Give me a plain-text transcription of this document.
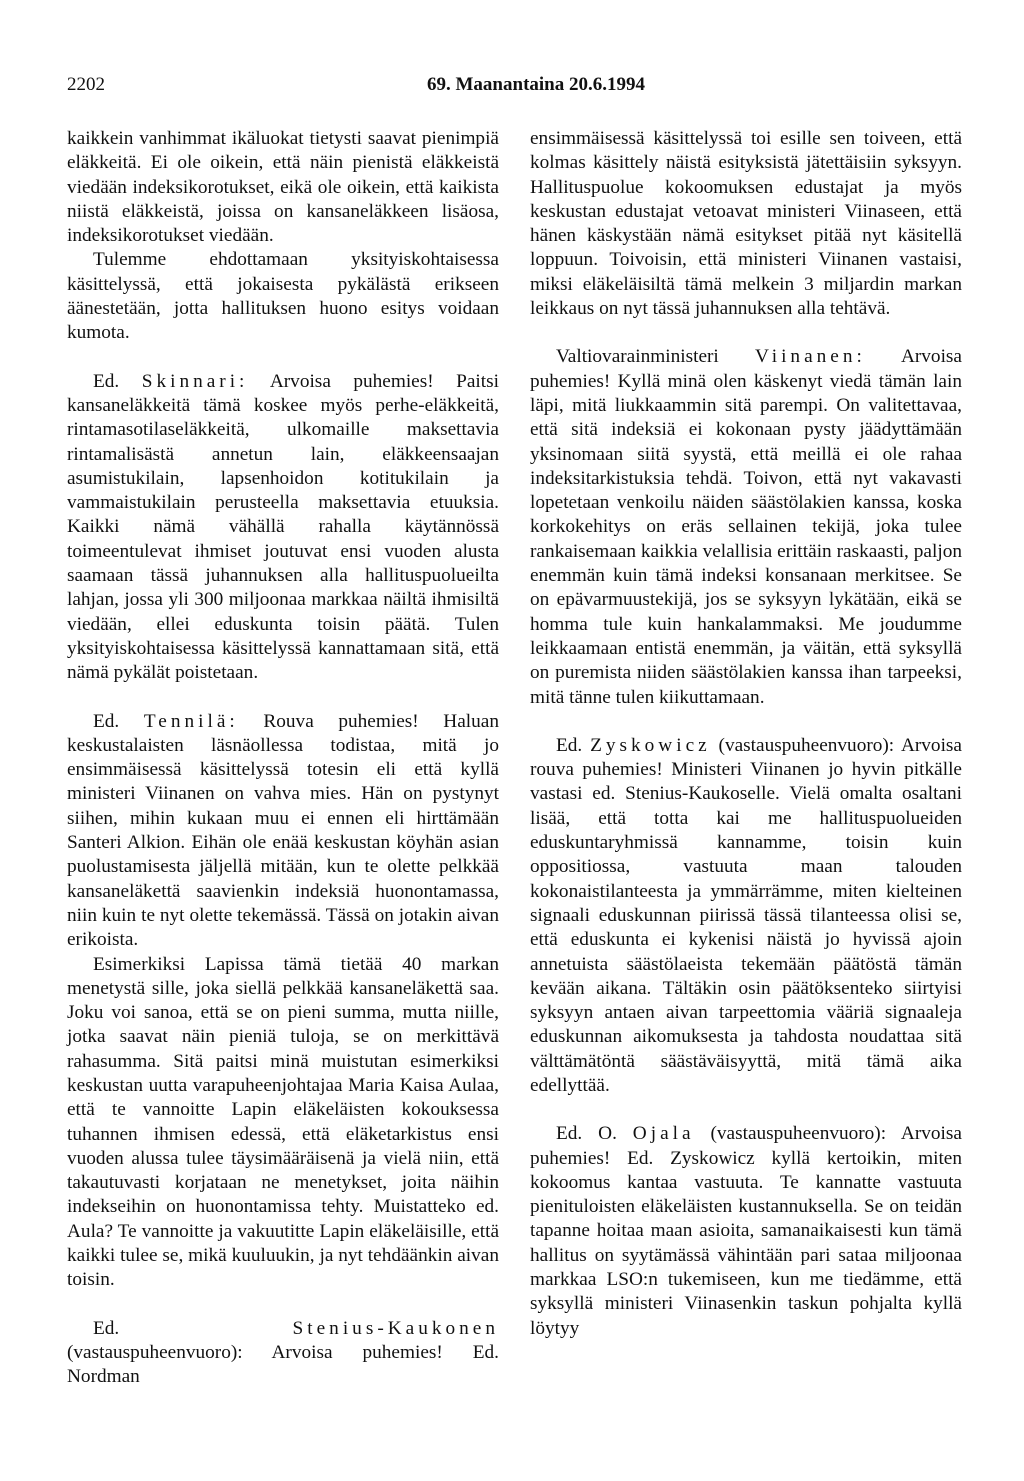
2202	69. Maanantaina 20.6.1994

kaikkein vanhimmat ikäluokat tietysti saavat pienimpiä eläkkeitä. Ei ole oikein, että näin pienistä eläkkeistä viedään indeksikorotukset, eikä ole oikein, että kaikista niistä eläkkeistä, joissa on kansaneläkkeen lisäosa, indeksikorotukset viedään.

Tulemme ehdottamaan yksityiskohtaisessa käsittelyssä, että jokaisesta pykälästä erikseen äänestetään, jotta hallituksen huono esitys voidaan kumota.

Ed. Skinnari: Arvoisa puhemies! Paitsi kansaneläkkeitä tämä koskee myös perhe-eläkkeitä, rintamasotilaseläkkeitä, ulkomaille maksettavia rintamalisästä annetun lain, eläkkeensaajan asumistukilain, lapsenhoidon kotitukilain ja vammaistukilain perusteella maksettavia etuuksia. Kaikki nämä vähällä rahalla käytännössä toimeentulevat ihmiset joutuvat ensi vuoden alusta saamaan tässä juhannuksen alla hallituspuolueilta lahjan, jossa yli 300 miljoonaa markkaa näiltä ihmisiltä viedään, ellei eduskunta toisin päätä. Tulen yksityiskohtaisessa käsittelyssä kannattamaan sitä, että nämä pykälät poistetaan.

Ed. Tennilä: Rouva puhemies! Haluan keskustalaisten läsnäollessa todistaa, mitä jo ensimmäisessä käsittelyssä totesin eli että kyllä ministeri Viinanen on vahva mies. Hän on pystynyt siihen, mihin kukaan muu ei ennen eli hirttämään Santeri Alkion. Eihän ole enää keskustan köyhän asian puolustamisesta jäljellä mitään, kun te olette pelkkää kansaneläkettä saavienkin indeksiä huonontamassa, niin kuin te nyt olette tekemässä. Tässä on jotakin aivan erikoista.

Esimerkiksi Lapissa tämä tietää 40 markan menetystä sille, joka siellä pelkkää kansaneläkettä saa. Joku voi sanoa, että se on pieni summa, mutta niille, jotka saavat näin pieniä tuloja, se on merkittävä rahasumma. Sitä paitsi minä muistutan esimerkiksi keskustan uutta varapuheenjohtajaa Maria Kaisa Aulaa, että te vannoitte Lapin eläkeläisten kokouksessa tuhannen ihmisen edessä, että eläketarkistus ensi vuoden alussa tulee täysimääräisenä ja vielä niin, että takautuvasti korjataan ne menetykset, joita näihin indekseihin on huonontamissa tehty. Muistatteko ed. Aula? Te vannoitte ja vakuutitte Lapin eläkeläisille, että kaikki tulee se, mikä kuuluukin, ja nyt tehdäänkin aivan toisin.

Ed.	Stenius-Kaukonen (vastauspuheenvuoro): Arvoisa puhemies! Ed. Nordman

ensimmäisessä käsittelyssä toi esille sen toiveen, että kolmas käsittely näistä esityksistä jätettäisiin syksyyn. Hallituspuolue kokoomuksen edustajat ja myös keskustan edustajat vetoavat ministeri Viinaseen, että hänen käskystään nämä esitykset pitää nyt käsitellä loppuun. Toivoisin, että ministeri Viinanen vastaisi, miksi eläkeläisiltä tämä melkein 3 miljardin markan leikkaus on nyt tässä juhannuksen alla tehtävä.

Valtiovarainministeri Viinanen: Arvoisa puhemies! Kyllä minä olen käskenyt viedä tämän lain läpi, mitä liukkaammin sitä parempi. On valitettavaa, että sitä indeksiä ei kokonaan pysty jäädyttämään yksinomaan siitä syystä, että meillä ei ole rahaa indeksitarkistuksia tehdä. Toivon, että nyt vakavasti lopetetaan venkoilu näiden säästölakien kanssa, koska korkokehitys on eräs sellainen tekijä, joka tulee rankaisemaan kaikkia velallisia erittäin raskaasti, paljon enemmän kuin tämä indeksi konsanaan merkitsee. Se on epävarmuustekijä, jos se syksyyn lykätään, eikä se homma tule kuin hankalammaksi. Me joudumme leikkaamaan entistä enemmän, ja väitän, että syksyllä on puremista niiden säästölakien kanssa ihan tarpeeksi, mitä tänne tulen kiikuttamaan.

Ed. Zyskowicz (vastauspuheenvuoro): Arvoisa rouva puhemies! Ministeri Viinanen jo hyvin pitkälle vastasi ed. Stenius-Kaukoselle. Vielä omalta osaltani lisää, että totta kai me hallituspuolueiden eduskuntaryhmissä kannamme, toisin kuin oppositiossa, vastuuta maan talouden kokonaistilanteesta ja ymmärrämme, miten kielteinen signaali eduskunnan piirissä tässä tilanteessa olisi se, että eduskunta ei kykenisi näistä jo hyvissä ajoin annetuista säästölaeista tekemään päätöstä tämän kevään aikana. Tältäkin osin päätöksenteko siirtyisi syksyyn antaen aivan tarpeettomia vääriä signaaleja eduskunnan aikomuksesta ja tahdosta noudattaa sitä välttämätöntä säästäväisyyttä, mitä tämä aika edellyttää.

Ed. O. Ojala (vastauspuheenvuoro): Arvoisa puhemies! Ed. Zyskowicz kyllä kertoikin, miten kokoomus kantaa vastuuta. Te kannatte vastuuta pienituloisten eläkeläisten kustannuksella. Se on teidän tapanne hoitaa maan asioita, samanaikaisesti kun tämä hallitus on syytämässä vähintään pari sataa miljoonaa markkaa LSO:n tukemiseen, kun me tiedämme, että syksyllä ministeri Viinasenkin taskun pohjalta kyllä löytyy
